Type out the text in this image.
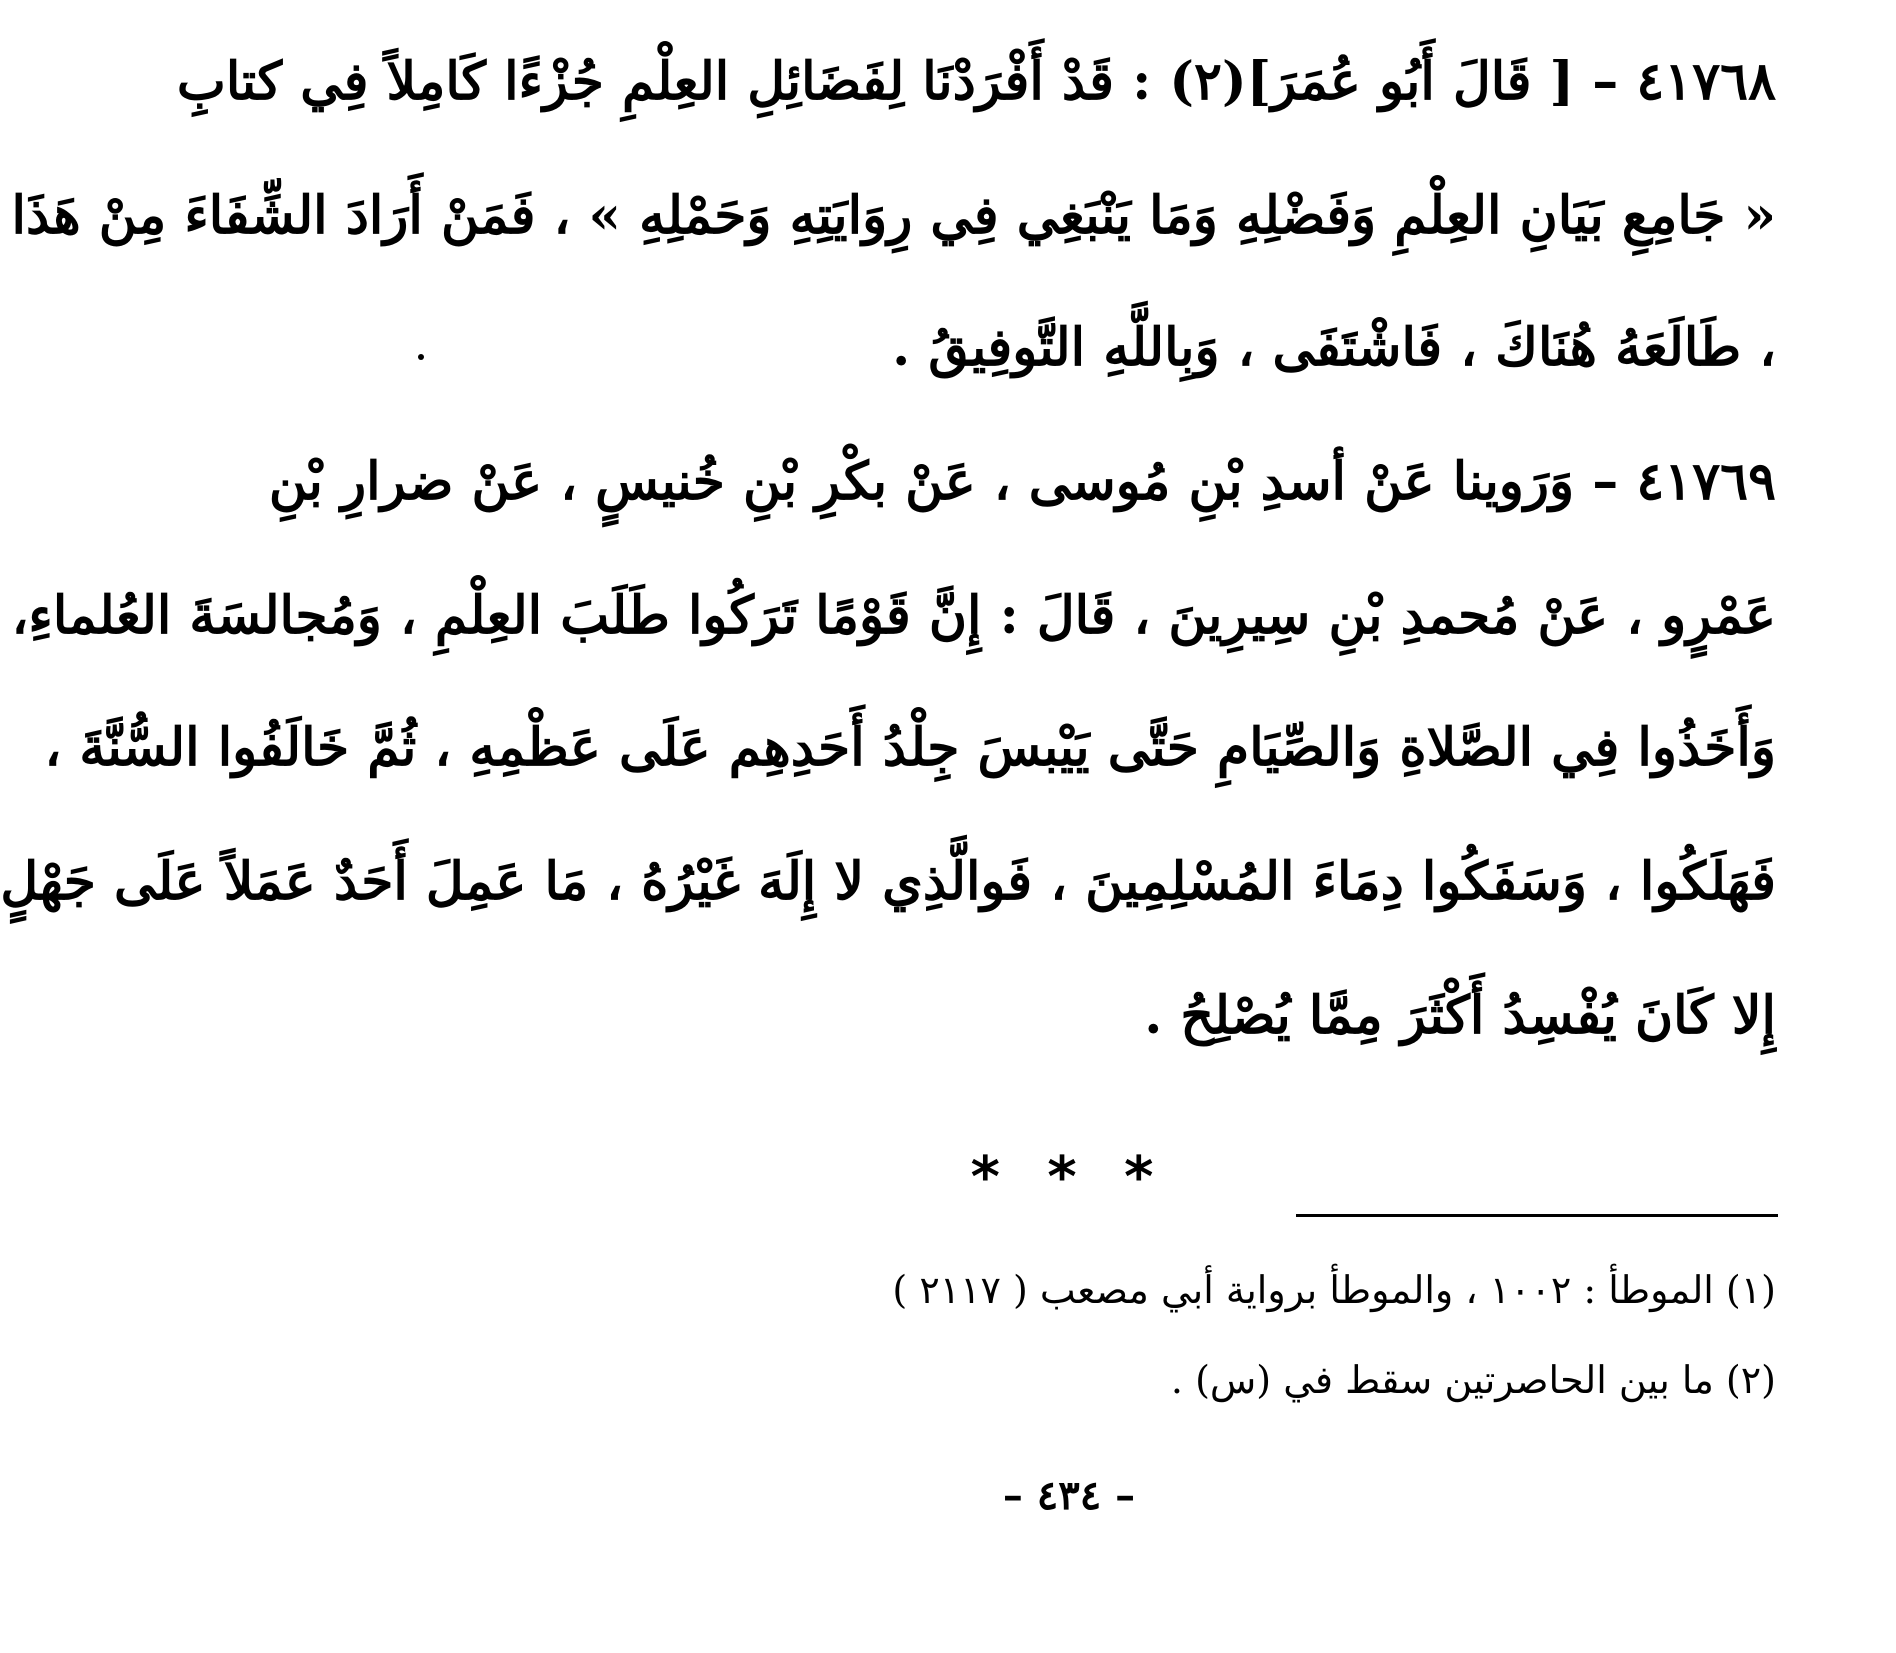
٤١٧٦٨ – [ قَالَ أَبُو عُمَرَ](٢) : قَدْ أَفْرَدْنَا لِفَضَائِلِ العِلْمِ جُزْءًا كَامِلاً فِي كتابِ
« جَامِعِ بَيَانِ العِلْمِ وَفَضْلِهِ وَمَا يَنْبَغِي فِي رِوَايَتِهِ وَحَمْلِهِ » ، فَمَنْ أَرَادَ الشِّفَاءَ مِنْ هَذَا
، طَالَعَهُ هُنَاكَ ، فَاشْتَفَى ، وَبِاللَّهِ التَّوفِيقُ .
٤١٧٦٩ – وَرَوينا عَنْ أسدِ بْنِ مُوسى ، عَنْ بكْرِ بْنِ خُنيسٍ ، عَنْ ضرارِ بْنِ
عَمْرٍو ، عَنْ مُحمدِ بْنِ سِيرِينَ ، قَالَ : إِنَّ قَوْمًا تَرَكُوا طَلَبَ العِلْمِ ، وَمُجالسَةَ العُلماءِ،
وَأَخَذُوا فِي الصَّلاةِ وَالصِّيَامِ حَتَّى يَيْبسَ جِلْدُ أَحَدِهِم عَلَى عَظْمِهِ ، ثُمَّ خَالَفُوا السُّنَّةَ ،
فَهَلَكُوا ، وَسَفَكُوا دِمَاءَ المُسْلِمِينَ ، فَوالَّذِي لا إِلَهَ غَيْرُهُ ، مَا عَمِلَ أَحَدٌ عَمَلاً عَلَى جَهْلٍ
إِلا كَانَ يُفْسِدُ أَكْثَرَ مِمَّا يُصْلِحُ .
* * *
(١) الموطأ : ١٠٠٢ ، والموطأ برواية أبي مصعب ( ٢١١٧ )
(٢) ما بين الحاصرتين سقط في (س) .
– ٤٣٤ –
